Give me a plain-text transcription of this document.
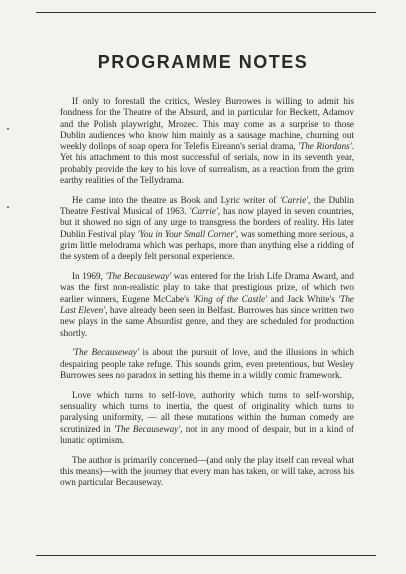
PROGRAMME NOTES

If only to forestall the critics, Wesley Burrowes is willing to admit his fondness for the Theatre of the Absurd, and in particular for Beckett, Adamov and the Polish playwright, Mrozec. This may come as a surprise to those Dublin audiences who know him mainly as a sausage machine, churning out weekly dollops of soap opera for Telefis Eireann's serial drama, 'The Riordans'. Yet his attachment to this most successful of serials, now in its seventh year, probably provide the key to his love of surrealism, as a reaction from the grim earthy realities of the Tellydrama.

He came into the theatre as Book and Lyric writer of 'Carrie', the Dublin Theatre Festival Musical of 1963. 'Carrie', has now played in seven countries, but it showed no sign of any urge to transgress the borders of reality. His later Dublin Festival play 'You in Your Small Corner', was something more serious, a grim little melodrama which was perhaps, more than anything else a ridding of the system of a deeply felt personal experience.

In 1969, 'The Becauseway' was entered for the Irish Life Drama Award, and was the first non-realistic play to take that prestigious prize, of which two earlier winners, Eugene McCabe's 'King of the Castle' and Jack White's 'The Last Eleven', have already been seen in Belfast. Burrowes has since written two new plays in the same Absurdist genre, and they are scheduled for production shortly.

'The Becauseway' is about the pursuit of love, and the illusions in which despairing people take refuge. This sounds grim, even pretentious, but Wesley Burrowes sees no paradox in setting his theme in a wildly comic framework.

Love which turns to self-love, authority which turns to self-worship, sensuality which turns to inertia, the quest of originality which turns to paralysing uniformity, — all these mutations within the human comedy are scrutinized in 'The Becauseway', not in any mood of despair, but in a kind of lunatic optimism.

The author is primarily concerned—(and only the play itself can reveal what this means)—with the journey that every man has taken, or will take, across his own particular Becauseway.
